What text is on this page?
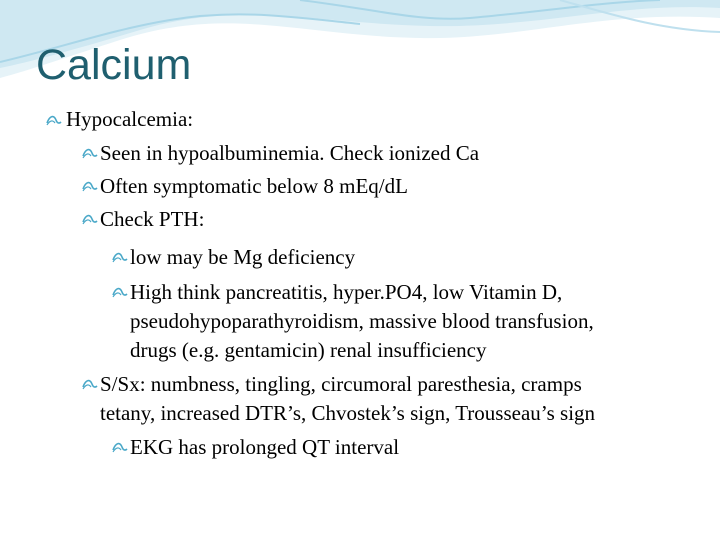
Calcium
Hypocalcemia:
Seen in hypoalbuminemia. Check ionized Ca
Often symptomatic below 8 mEq/dL
Check PTH:
low may be Mg deficiency
High think pancreatitis, hyper.PO4, low Vitamin D,
pseudohypoparathyroidism, massive blood transfusion,
drugs (e.g. gentamicin) renal insufficiency
S/Sx: numbness, tingling, circumoral paresthesia, cramps
tetany, increased DTR’s, Chvostek’s sign, Trousseau’s sign
EKG has prolonged QT interval
